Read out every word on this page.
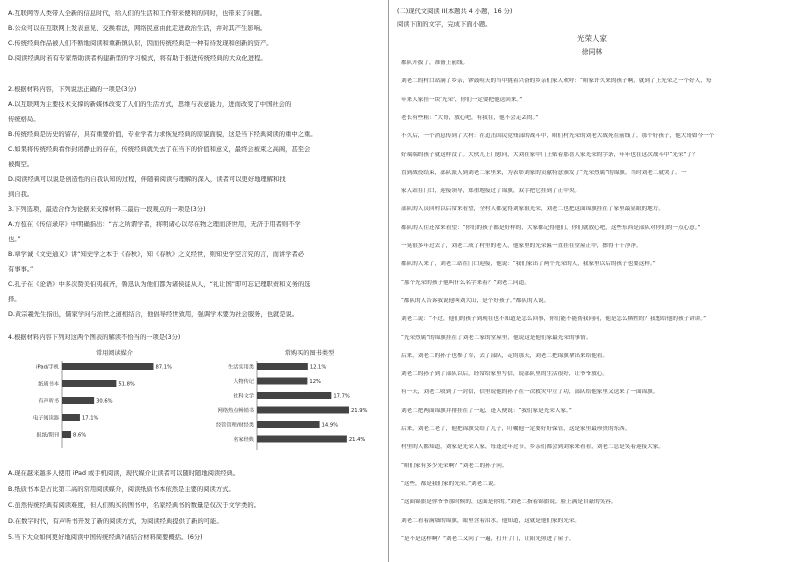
A.互联网等人类带人全新的信息时代，给人们的生活和工作带来便利的同时，也带来了问题。
B.公众可以在互联网上发表意见、交换看法，网络民意由此走进政治生活，并对其产生影响。
C.传统经典作品被人们不断地阅读和重新镇认识，因而传统经典是一种有待发现和创新的资产。
D.阅读经典时若有专家帮助读者构建新型的学习模式，将有助于推进传统经典的大众化进程。
2.根据材料内容，下列说法正确的一项是(3分)
A.以互联网为主要技术支撑的新媒体改变了人们的生活方式，思维与表意能力，进而改变了中国社会的
传统格局。
B.传统经典是历史的留存，具有重要价值，专业学者力求恢复经典的原貌面貌，这是当下经典阅读的重中之重。
C.如果将传统经典看作封闭静止的存在，传统经典就失去了在当下的价值和意义，最终会被束之高阁，甚至会
被掏空。
D.阅读经典可以说是创造性的自我认知的过程，伴随着阅读与理解的深入，读者可以更好地理解和找
到自我。
3.下列选项，最适合作为论据来支撑材料二最后一段观点的一项是(3分)
A.方苞在《传信录序》中明确指出：“古之所谓学者，将明诸心以尽在物之理而济世用，无济于用者则不学
也。”
B.章学诚《文史通义》讲“知史学之本于《春秋》，知《春秋》之义经世，则知史学空言究的言，而讲学者必
有事事。”
C.孔子在《论语》中多次赞美伯夷叔齐，鲁迅认为他们都为诸侯徒从人，“礼让国”即可忘记理职责和义务的选
择。
D.黄宗羲先生指出，儒家学问与治世之道相结合，他倡导经世致用，强调学术要为社会服务，也就是说。
4.根据材料内容下列对这两个图表的解读不恰当的一项是(3分)
常用阅读媒介
iPad/手机	87.1%
纸质书本	51.8%
有声听书	30.6%
电子阅读器	17.1%
报纸/期刊	8.6%
常购买的图书类型
生活实用类	12.1%
人物传记	12%
社科文学	17.7%
网络热点畅销书	21.9%
经管管理/财经类	14.9%
名家经典	21.4%
A.现在越来越多人使用 iPad 或手机阅读，现代媒介让读者可以随时随地阅读经典。
B.纸质书本是占比第二高的常用阅读媒介，阅读纸质书本依然是主要的阅读方式。
C.虽然传统经典有阅读难度，但人们购买的图书中，名家经典书的数量是仅次于文学类的。
D.在数字时代，有声听书开发了新的阅读方式，为阅读经典提供了新的可能。
5.当下大众如何更好地阅读中国传统经典?请结合材料简要概括。(6分)
(二)现代文阅读 II(本题共 4 小题，16 分)
阅读下面的文字，完成下面小题。
光荣人家
徐同林
都队开拔了，准备上前线。
刘老二的村口站满了乡亲，锣鼓喧天的当中挑着兴奋的乡亲们家人欢呼：“咱家许久来的孩子啊，就到了上光荣之一个好人，每
年来人家挂一块‘光荣’，你们一定要把他送回来。”
老长有些粗：“大哥，放心吧，有我在，他不会走丢的。”
不久后，一个消息传到了大村：在追击国民党残部的战斗中，咱们村光荣的刘老大战死在前线了，那个好孩子，他大哥如今一个
好端端的孩子就这样没了。大伙儿上门慰问，大刘在家中门上贴着那喜人家光荣的字条，年年也在这次战斗中“光荣”了？
直到战役结束，部队派人到刘老二家里来，为表彰刘家的贡献特意颁发了“光荣烈属”的锦旗。当时刘老二就哭了。一
家人站在门口，迎接领导，郑重地接过了锦旗，双手把它挂到了正中央。
部队的人员回村以后常来看望，全村人都觉得刘家很光荣，刘老二也把这面锦旗挂在了家里最显眼的地方。
都队的人往还常来看望：“你们的孩子都是好样的，大家都记得他们，你们就放心吧，这些东西是部队对你们的一点心意。”
一晃很多年过去了，刘老二成了村里的老人，他家里的光荣匾一直挂在堂屋正中，擦得干干净净。
都队的人来了，刘老二站在门口迎接，他说：“我们家出了两个光荣的人，我家里以后的孩子也要这样。”
“那个光荣的孩子他叫什么名字来着？”刘老二问道。
“都队的人告诉我说他叫刘大山，是个好孩子。”都队的人说。
刘老二说：“不过，他们的孩子到现在也不知道是怎么回事，你们能不能帮我问问，他是怎么牺牲的？我想给他的孩子讲讲。”
“光荣烈属”的锦旗挂在了刘老二家的堂屋里，他说这是他们家最光荣的事情。
后来，刘老二的孙子也参了军，去了部队，走的那天，刘老二把锦旗拿出来给他看。
刘老二的孙子到了部队以后，经常给家里写信，说部队里的生活很好，让爷爷放心。
有一天，刘老二收到了一封信，信里说他的孙子在一次救灾中立了功，部队给他家里又送来了一面锦旗。
刘老二把两面锦旗并排挂在了一起，逢人便说：“我们家是光荣人家。”
后来，刘老二老了，他把锦旗交给了儿子，叮嘱他一定要好好保管，这是家里最珍贵的东西。
村里的人都知道，刘家是光荣人家，每逢过年过节，乡亲们都会到刘家来看看，刘老二总是笑着迎接大家。
“咱们家有多少光荣啊？”刘老二的孙子问。
“这些，都是我们家的光荣。”刘老二说。
“这面锦旗是你爷爷那时候的，这面是你的。”刘老二指着锦旗说，脸上满是自豪的笑容。
刘老二看着满墙的锦旗，眼里含着泪水，他知道，这就是他们家的光荣。
“是不是这样啊？”刘老二又问了一遍，打开了门，让阳光照进了屋子。
